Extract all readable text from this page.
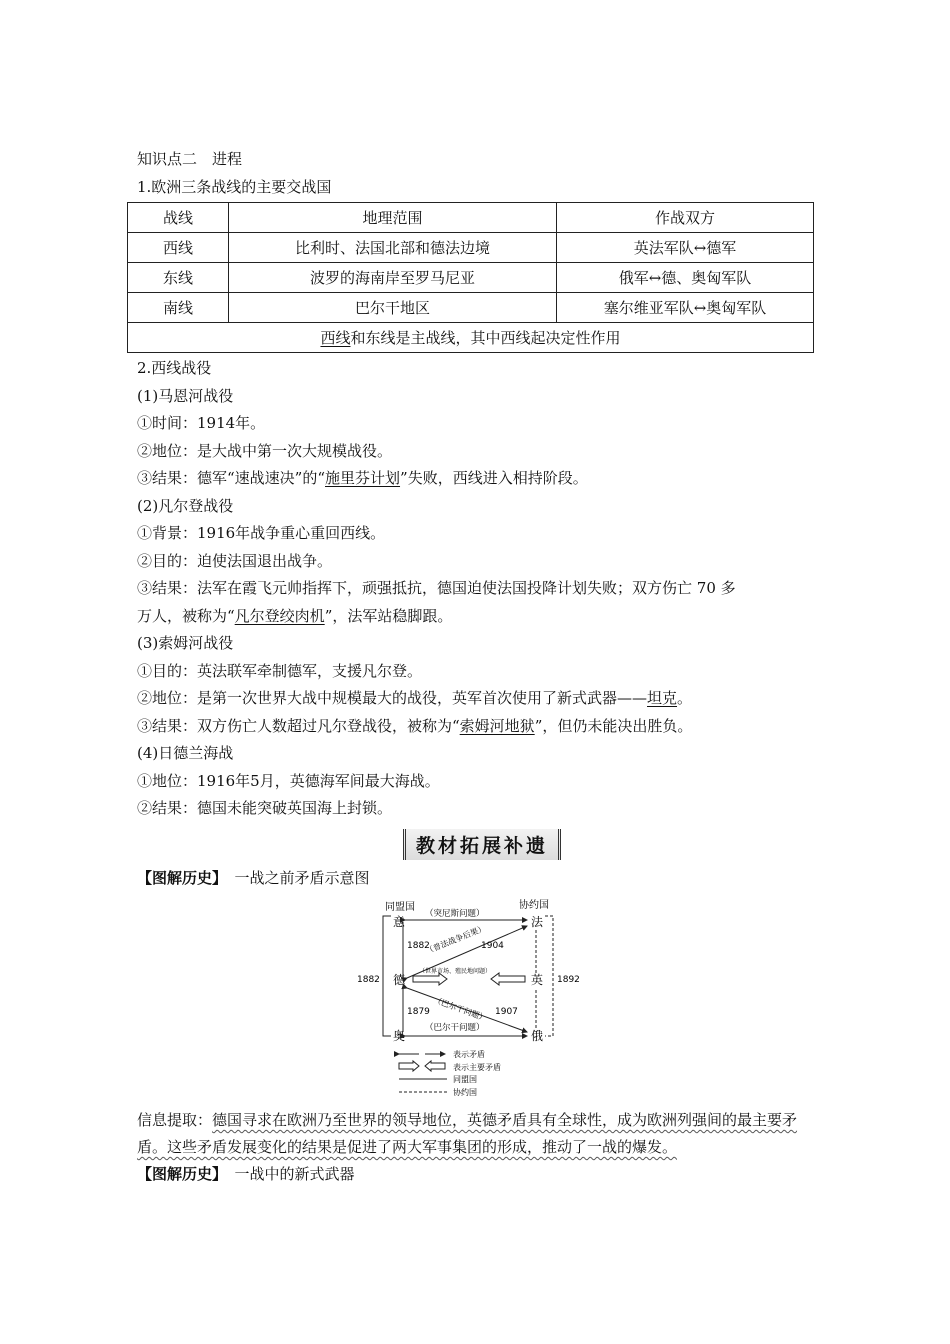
知识点二　进程
1.欧洲三条战线的主要交战国
战线	地理范围	作战双方
西线	比利时、法国北部和德法边境	英法军队↔德军
东线	波罗的海南岸至罗马尼亚	俄军↔德、奥匈军队
南线	巴尔干地区	塞尔维亚军队↔奥匈军队
西线和东线是主战线，其中西线起决定性作用		
2.西线战役
(1)马恩河战役
①时间：1914年。
②地位：是大战中第一次大规模战役。
③结果：德军“速战速决”的“施里芬计划”失败，西线进入相持阶段。
(2)凡尔登战役
①背景：1916年战争重心重回西线。
②目的：迫使法国退出战争。
③结果：法军在霞飞元帅指挥下，顽强抵抗，德国迫使法国投降计划失败；双方伤亡 70 多
万人，被称为“凡尔登绞肉机”，法军站稳脚跟。
(3)索姆河战役
①目的：英法联军牵制德军，支援凡尔登。
②地位：是第一次世界大战中规模最大的战役，英军首次使用了新式武器——坦克。
③结果：双方伤亡人数超过凡尔登战役，被称为“索姆河地狱”，但仍未能决出胜负。
(4)日德兰海战
①地位：1916年5月，英德海军间最大海战。
②结果：德国未能突破英国海上封锁。
教材拓展补遗
【图解历史】　 一战之前矛盾示意图
同盟国	协约国
意
德
奥
法
英
俄
1882
1882
1879
1892
（突尼斯问题）
（普法战争后果）
1904
（世界市场、殖民地问题）
（巴尔干问题） 1907
（巴尔干问题）
表示矛盾
表示主要矛盾
同盟国
协约国
信息提取：德国寻求在欧洲乃至世界的领导地位，英德矛盾具有全球性，成为欧洲列强间的最主要矛盾。这些矛盾发展变化的结果是促进了两大军事集团的形成，推动了一战的爆发。
【图解历史】　 一战中的新式武器
